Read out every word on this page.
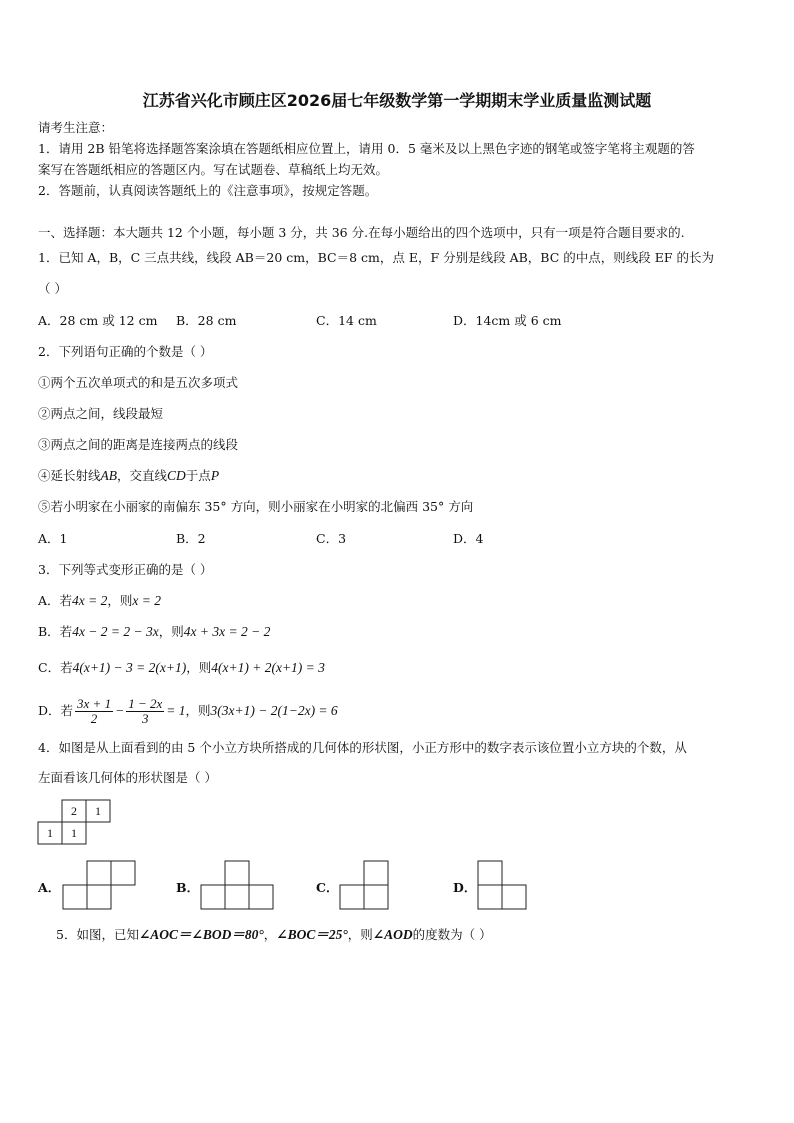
江苏省兴化市顾庄区2026届七年级数学第一学期期末学业质量监测试题
请考生注意：
1．请用 2B 铅笔将选择题答案涂填在答题纸相应位置上，请用 0．5 毫米及以上黑色字迹的钢笔或签字笔将主观题的答
案写在答题纸相应的答题区内。写在试题卷、草稿纸上均无效。
2．答题前，认真阅读答题纸上的《注意事项》，按规定答题。
一、选择题：本大题共 12 个小题，每小题 3 分，共 36 分.在每小题给出的四个选项中，只有一项是符合题目要求的.
1．已知 A，B，C 三点共线，线段 AB＝20 cm，BC＝8 cm，点 E，F 分别是线段 AB，BC 的中点，则线段 EF 的长为
（ ）
A．28 cm 或 12 cm B．28 cm	C．14 cm	D．14cm 或 6 cm
2．下列语句正确的个数是（ ）
①两个五次单项式的和是五次多项式
②两点之间，线段最短
③两点之间的距离是连接两点的线段
④延长射线AB，交直线CD于点P
⑤若小明家在小丽家的南偏东 35° 方向，则小丽家在小明家的北偏西 35° 方向
A．1	B．2	C．3	D．4
3．下列等式变形正确的是（ ）
A．若4x = 2，则x = 2
B．若4x − 2 = 2 − 3x，则4x + 3x = 2 − 2
C．若4(x+1) − 3 = 2(x+1)，则4(x+1) + 2(x+1) = 3
D．若 $\frac{3x + 1}{2} - \frac{1 - 2x}{3} = 1$ ，则 3(3x+1) − 2(1−2x) = 6
4．如图是从上面看到的由 5 个小立方块所搭成的几何体的形状图，小正方形中的数字表示该位置小立方块的个数，从
左面看该几何体的形状图是（ ）
2 1
1 1
A．	B．	C．	D．
5．如图，已知∠AOC＝∠BOD＝80°，∠BOC＝25°，则∠AOD的度数为（ ）
